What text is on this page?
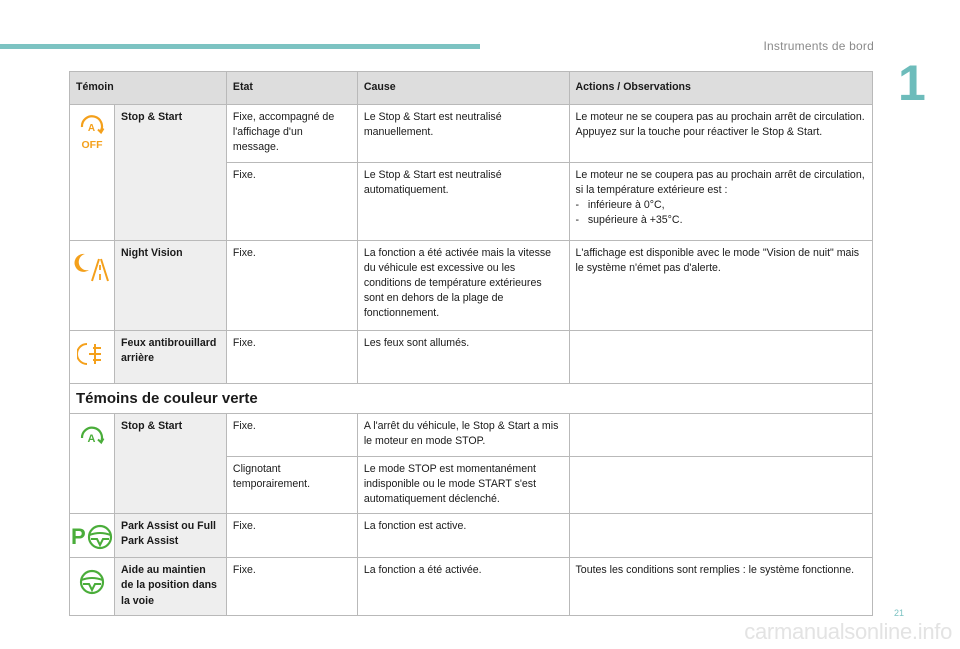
Instruments de bord
1
Témoin		Etat	Cause	Actions / Observations

A
OFF	Stop & Start	Fixe, accompagné de l'affichage d'un message.	Le Stop & Start est neutralisé manuellement.	Le moteur ne se coupera pas au prochain arrêt de circulation.
Appuyez sur la touche pour réactiver le Stop & Start.

		Fixe.	Le Stop & Start est neutralisé automatiquement.	Le moteur ne se coupera pas au prochain arrêt de circulation, si la température extérieure est :
-   inférieure à 0°C,
-   supérieure à +35°C.

	Night Vision	Fixe.	La fonction a été activée mais la vitesse du véhicule est excessive ou les conditions de température extérieures sont en dehors de la plage de fonctionnement.	L'affichage est disponible avec le mode "Vision de nuit" mais le système n'émet pas d'alerte.
	Feux antibrouillard arrière	Fixe.	Les feux sont allumés.	
Témoins de couleur verte				

A	Stop & Start	Fixe.	A l'arrêt du véhicule, le Stop & Start a mis le moteur en mode STOP.	
		Clignotant temporairement.	Le mode STOP est momentanément indisponible ou le mode START s'est automatiquement déclenché.	

P	Park Assist ou Full Park Assist	Fixe.	La fonction est active.	
	Aide au maintien de la position dans la voie	Fixe.	La fonction a été activée.	Toutes les conditions sont remplies : le système fonctionne.
21
carmanualsonline.info
